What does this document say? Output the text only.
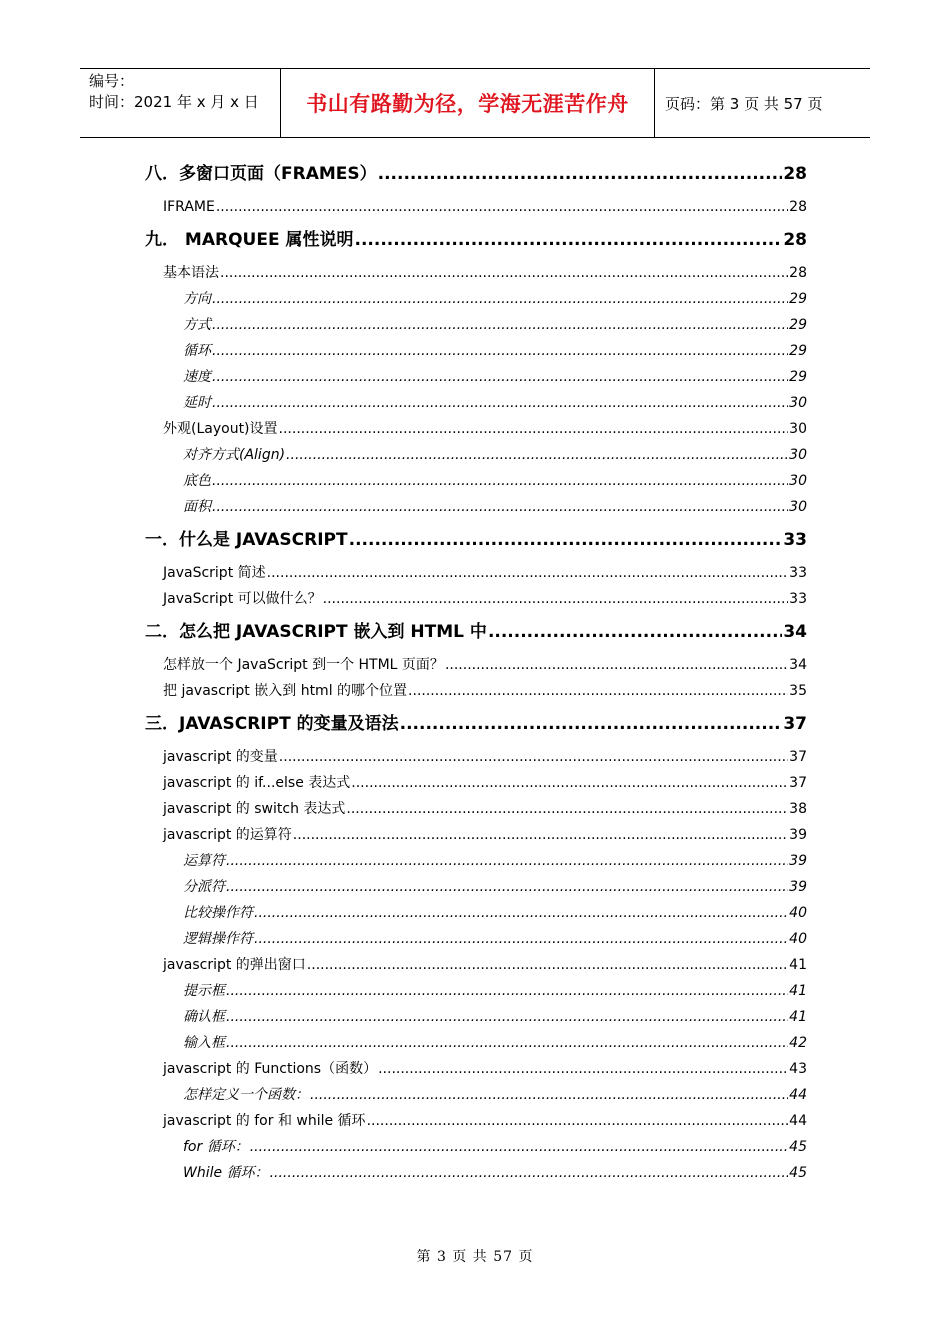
编号：
时间：2021 年 x 月 x 日	书山有路勤为径，学海无涯苦作舟	页码：第 3 页 共 57 页
八．多窗口页面（FRAMES） .....	28
IFRAME .....	28
九． MARQUEE 属性说明 .....	28
基本语法 .....	28
方向 .....	29
方式 .....	29
循环 .....	29
速度 .....	29
延时 .....	30
外观(Layout)设置 .....	30
对齐方式(Align) .....	30
底色 .....	30
面积 .....	30
一．什么是 JAVASCRIPT .....	33
JavaScript 简述 .....	33
JavaScript 可以做什么？ .....	33
二．怎么把 JAVASCRIPT 嵌入到 HTML 中 .....	34
怎样放一个 JavaScript 到一个 HTML 页面？ .....	34
把 javascript 嵌入到 html 的哪个位置 .....	35
三．JAVASCRIPT 的变量及语法 .....	37
javascript 的变量 .....	37
javascript 的 if...else 表达式 .....	37
javascript 的 switch 表达式 .....	38
javascript 的运算符 .....	39
运算符 .....	39
分派符 .....	39
比较操作符 .....	40
逻辑操作符 .....	40
javascript 的弹出窗口 .....	41
提示框 .....	41
确认框 .....	41
输入框 .....	42
javascript 的 Functions（函数） .....	43
怎样定义一个函数： .....	44
javascript 的 for 和 while 循环 .....	44
for 循环： .....	45
While 循环： .....	45
第 3 页 共 57 页
